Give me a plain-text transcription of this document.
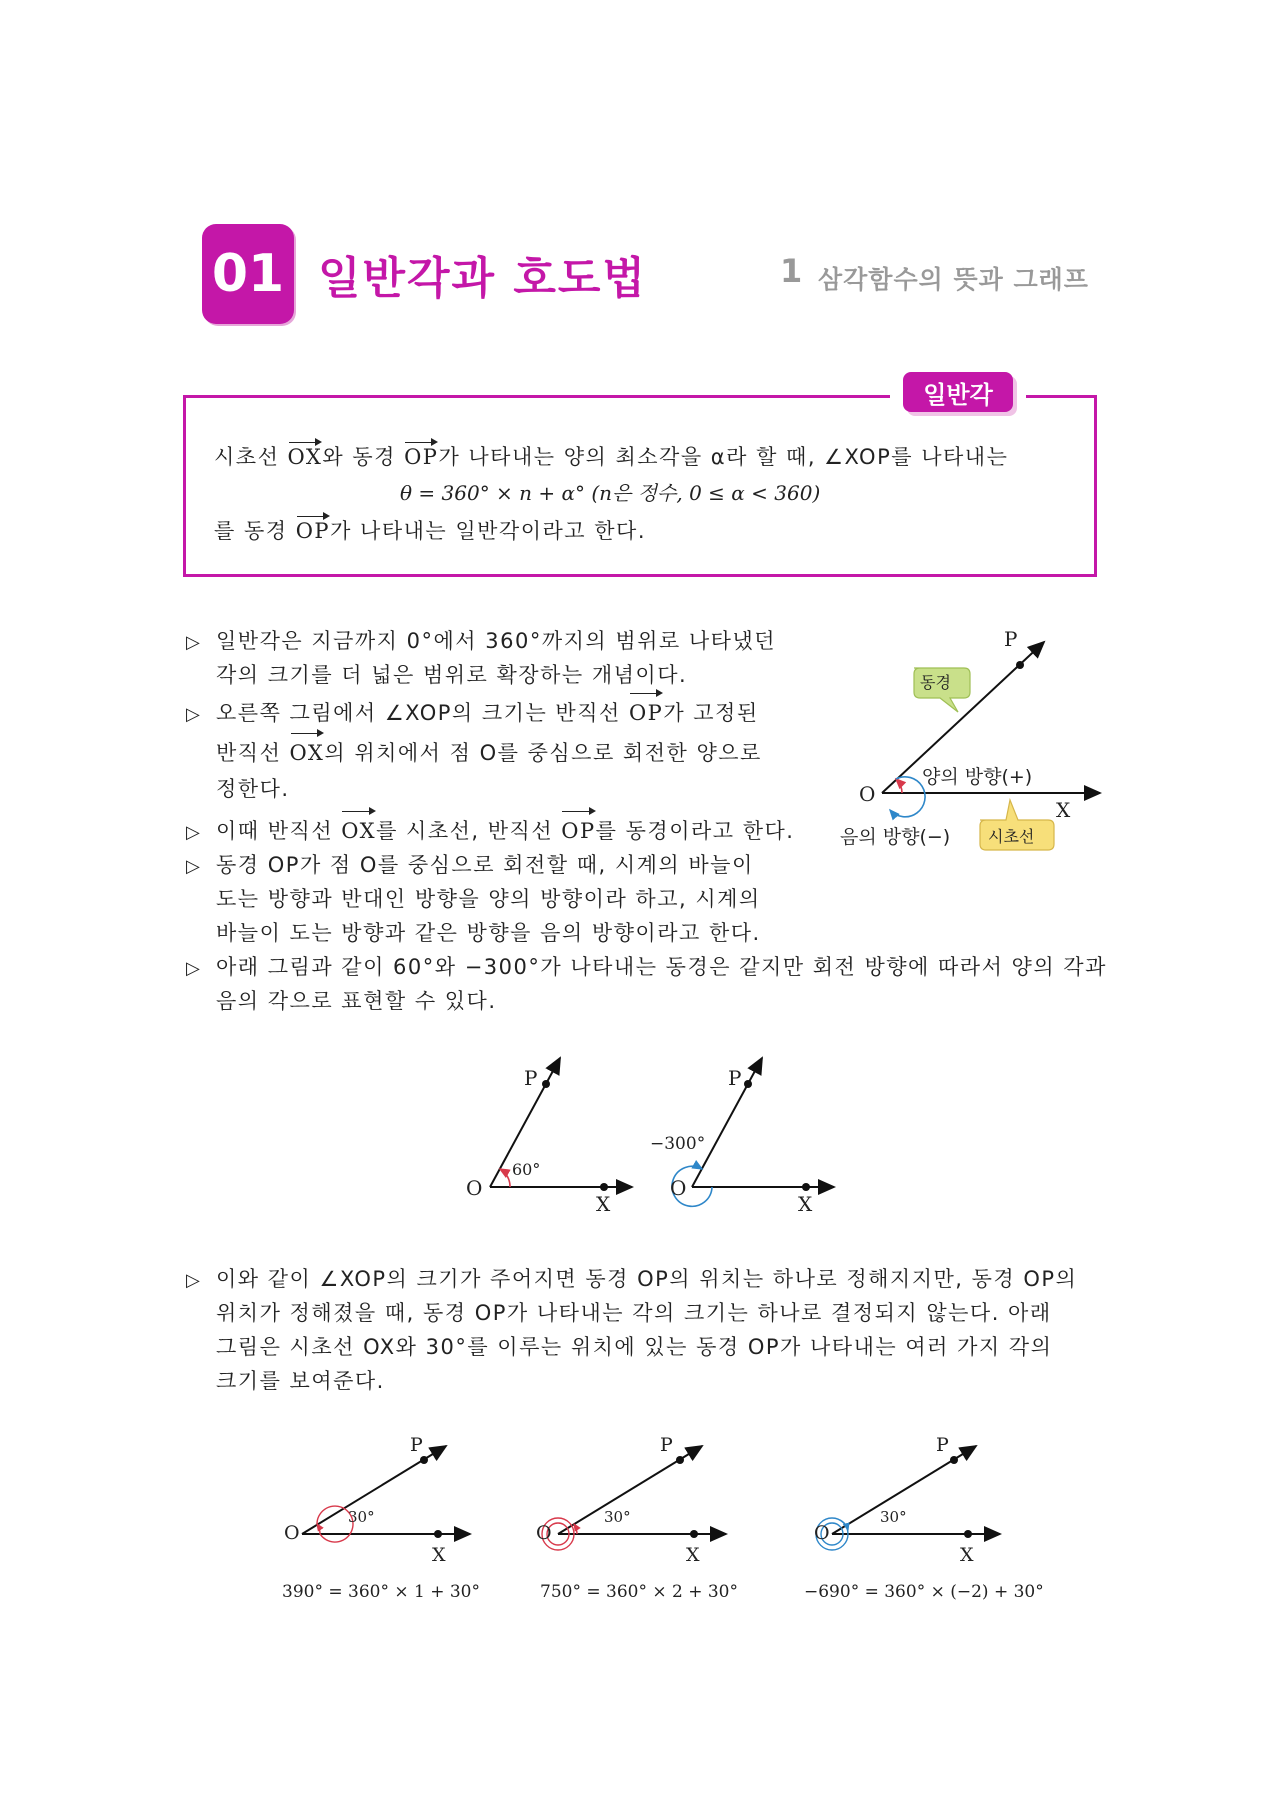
01 일반각과 호도법	1 삼각함수의 뜻과 그래프
일반각
시초선 OX와 동경 OP가 나타내는 양의 최소각을 α라 할 때, ∠XOP를 나타내는
θ = 360° × n + α° (n은 정수, 0 ≤ α < 360)
를 동경 OP가 나타내는 일반각이라고 한다.
▷ 일반각은 지금까지 0°에서 360°까지의 범위로 나타냈던
각의 크기를 더 넓은 범위로 확장하는 개념이다.
▷ 오른쪽 그림에서 ∠XOP의 크기는 반직선 OP가 고정된
반직선 OX의 위치에서 점 O를 중심으로 회전한 양으로
정한다.
▷ 이때 반직선 OX를 시초선, 반직선 OP를 동경이라고 한다.
▷ 동경 OP가 점 O를 중심으로 회전할 때, 시계의 바늘이
도는 방향과 반대인 방향을 양의 방향이라 하고, 시계의
바늘이 도는 방향과 같은 방향을 음의 방향이라고 한다.
▷ 아래 그림과 같이 60°와 −300°가 나타내는 동경은 같지만 회전 방향에 따라서 양의 각과
음의 각으로 표현할 수 있다.
P
O
X
동경
시초선
양의 방향(+)
음의 방향(−)
P
O
X
60°
P
O
X
−300°
▷ 이와 같이 ∠XOP의 크기가 주어지면 동경 OP의 위치는 하나로 정해지지만, 동경 OP의
위치가 정해졌을 때, 동경 OP가 나타내는 각의 크기는 하나로 결정되지 않는다. 아래
그림은 시초선 OX와 30°를 이루는 위치에 있는 동경 OP가 나타내는 여러 가지 각의
크기를 보여준다.
P
O
X
30°
P
O
X
30°
P
O
X
30°
390° = 360° × 1 + 30°	750° = 360° × 2 + 30°	−690° = 360° × (−2) + 30°
